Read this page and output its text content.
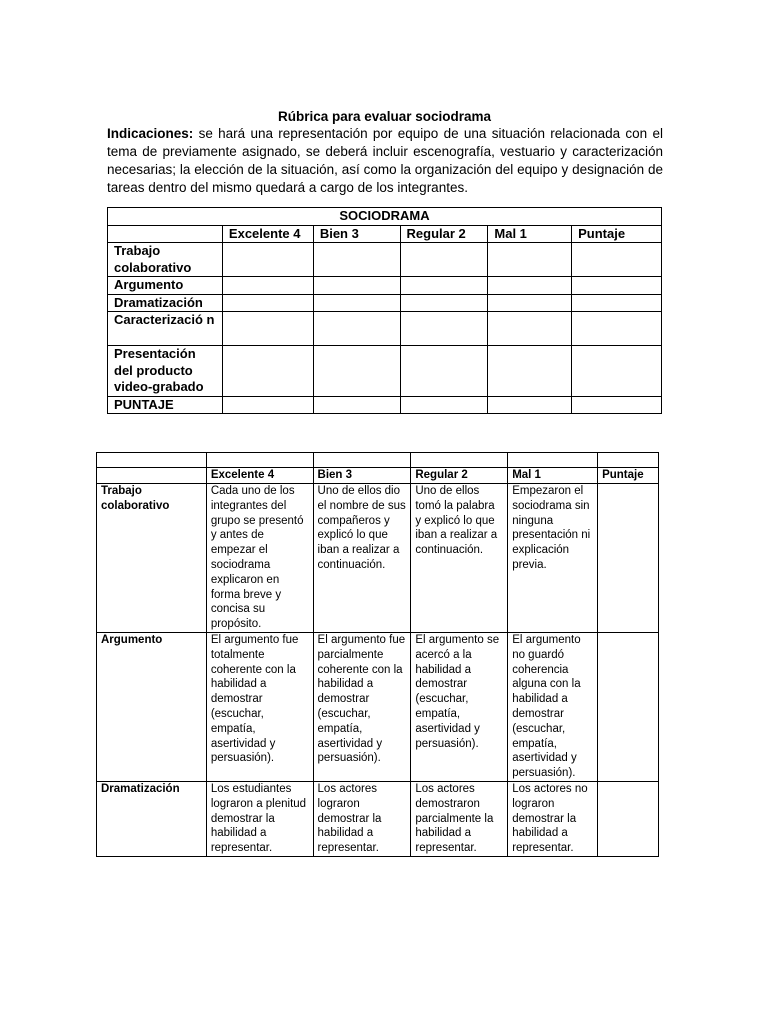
Rúbrica para evaluar sociodrama
Indicaciones: se hará una representación por equipo de una situación relacionada con el tema de previamente asignado, se deberá incluir escenografía, vestuario y caracterización necesarias; la elección de la situación, así como la organización del equipo y designación de tareas dentro del mismo quedará a cargo de los integrantes.
SOCIODRAMA					
	Excelente 4	Bien 3	Regular 2	Mal 1	Puntaje
Trabajo colaborativo					
Argumento					
Dramatización					
Caracterizació n					
Presentación del producto video-grabado					
PUNTAJE					

	Excelente 4	Bien 3	Regular 2	Mal 1	Puntaje
Trabajo colaborativo	Cada uno de los integrantes del grupo se presentó y antes de empezar el sociodrama explicaron en forma breve y concisa su propósito.	Uno de ellos dio el nombre de sus compañeros y explicó lo que iban a realizar a continuación.	Uno de ellos tomó la palabra y explicó lo que iban a realizar a continuación.	Empezaron el sociodrama sin ninguna presentación ni explicación previa.	
Argumento	El argumento fue totalmente coherente con la habilidad a demostrar (escuchar, empatía, asertividad y persuasión).	El argumento fue parcialmente coherente con la habilidad a demostrar (escuchar, empatía, asertividad y persuasión).	El argumento se acercó a la habilidad a demostrar (escuchar, empatía, asertividad y persuasión).	El argumento no guardó coherencia alguna con la habilidad a demostrar (escuchar, empatía, asertividad y persuasión).	
Dramatización	Los estudiantes lograron a plenitud demostrar la habilidad a representar.	Los actores lograron demostrar la habilidad a representar.	Los actores demostraron parcialmente la habilidad a representar.	Los actores no lograron demostrar la habilidad a representar.	
